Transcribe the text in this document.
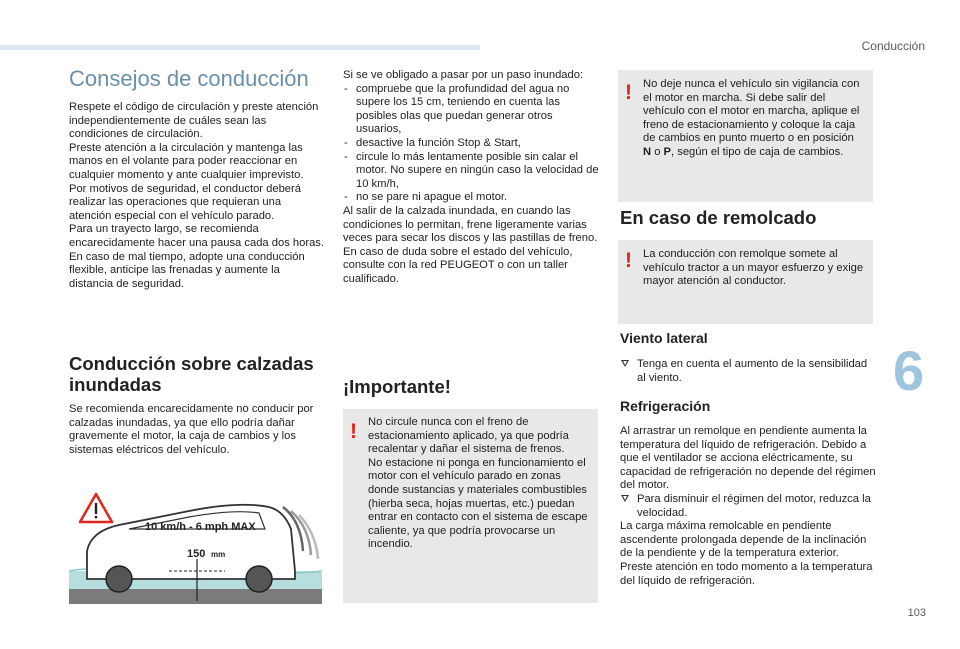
Conducción
6
103
Consejos de conducción

Respete el código de circulación y preste atención independientemente de cuáles sean las condiciones de circulación.

Preste atención a la circulación y mantenga las manos en el volante para poder reaccionar en cualquier momento y ante cualquier imprevisto.

Por motivos de seguridad, el conductor deberá realizar las operaciones que requieran una atención especial con el vehículo parado.

Para un trayecto largo, se recomienda encarecidamente hacer una pausa cada dos horas.

En caso de mal tiempo, adopte una conducción flexible, anticipe las frenadas y aumente la distancia de seguridad.

Conducción sobre calzadas inundadas
Se recomienda encarecidamente no conducir por calzadas inundadas, ya que ello podría dañar gravemente el motor, la caja de cambios y los sistemas eléctricos del vehículo.
10 km/h - 6 mph MAX
150 mm

Si se ve obligado a pasar por un paso inundado:

- compruebe que la profundidad del agua no supere los 15 cm, teniendo en cuenta las posibles olas que puedan generar otros usuarios,
- desactive la función Stop & Start,
- circule lo más lentamente posible sin calar el motor. No supere en ningún caso la velocidad de 10 km/h,
- no se pare ni apague el motor.

Al salir de la calzada inundada, en cuando las condiciones lo permitan, frene ligeramente varias veces para secar los discos y las pastillas de freno.

En caso de duda sobre el estado del vehículo, consulte con la red PEUGEOT o con un taller cualificado.

¡Importante!
! No circule nunca con el freno de estacionamiento aplicado, ya que podría recalentar y dañar el sistema de frenos.

No estacione ni ponga en funcionamiento el motor con el vehículo parado en zonas donde sustancias y materiales combustibles (hierba seca, hojas muertas, etc.) puedan entrar en contacto con el sistema de escape caliente, ya que podría provocarse un incendio.

! No deje nunca el vehículo sin vigilancia con el motor en marcha. Si debe salir del vehículo con el motor en marcha, aplique el freno de estacionamiento y coloque la caja de cambios en punto muerto o en posición N o P, según el tipo de caja de cambios.
En caso de remolcado
! La conducción con remolque somete al vehículo tractor a un mayor esfuerzo y exige mayor atención al conductor.
Viento lateral
Tenga en cuenta el aumento de la sensibilidad al viento.
Refrigeración

Al arrastrar un remolque en pendiente aumenta la temperatura del líquido de refrigeración. Debido a que el ventilador se acciona eléctricamente, su capacidad de refrigeración no depende del régimen del motor.

Para disminuir el régimen del motor, reduzca la velocidad.

La carga máxima remolcable en pendiente ascendente prolongada depende de la inclinación de la pendiente y de la temperatura exterior.

Preste atención en todo momento a la temperatura del líquido de refrigeración.
